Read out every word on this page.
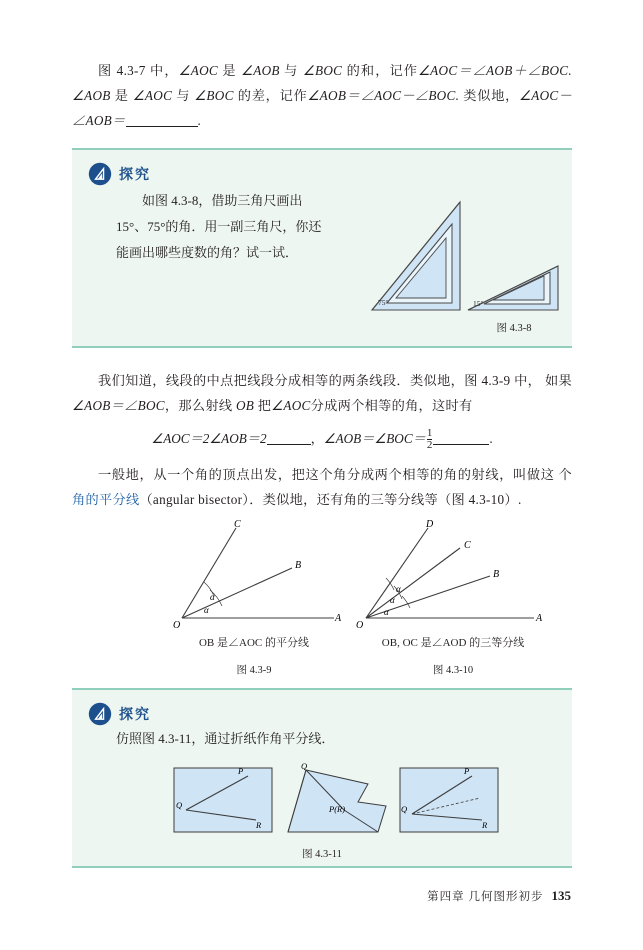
图 4.3-7 中，∠AOC 是 ∠AOB 与 ∠BOC 的和，记作∠AOC＝∠AOB＋∠BOC. ∠AOB 是 ∠AOC 与 ∠BOC 的差，记作∠AOB＝∠AOC－∠BOC. 类似地，∠AOC－∠AOB＝	.

探究
如图 4.3-8，借助三角尺画出
15°、75°的角．用一副三角尺，你还
能画出哪些度数的角？试一试．
75°	15°
图 4.3-8

我们知道，线段的中点把线段分成相等的两条线段．类似地，图 4.3-9 中， 如果∠AOB＝∠BOC，那么射线 OB 把∠AOC分成两个相等的角，这时有

∠AOC＝2∠AOB＝2	，∠AOB＝∠BOC＝ $\frac{1}{2}$	.

一般地，从一个角的顶点出发，把这个角分成两个相等的角的射线，叫做这 个角的平分线（angular bisector）．类似地，还有角的三等分线等（图 4.3-10）.

C
B
A
O
α
α
OB 是∠AOC 的平分线
图 4.3-9
D
C
B
A
O
α
α
α
OB, OC 是∠AOD 的三等分线
图 4.3-10
探究
仿照图 4.3-11，通过折纸作角平分线．
P
Q
R
Q
P(R)
P
Q
R
图 4.3-11
第四章 几何图形初步 135
